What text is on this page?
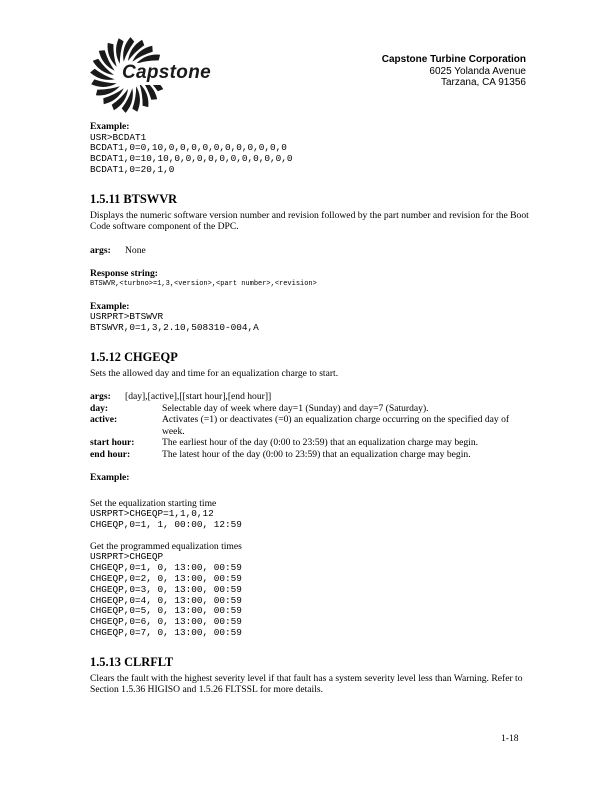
Capstone
Capstone Turbine Corporation
6025 Yolanda Avenue
Tarzana, CA 91356
Example:
USR>BCDAT1
BCDAT1,0=0,10,0,0,0,0,0,0,0,0,0,0,0
BCDAT1,0=10,10,0,0,0,0,0,0,0,0,0,0,0
BCDAT1,0=20,1,0
1.5.11 BTSWVR
Displays the numeric software version number and revision followed by the part number and revision for the Boot Code software component of the DPC.
args:	None
Response string:
BTSWVR,<turbno>=1,3,<version>,<part number>,<revision>
Example:
USRPRT>BTSWVR
BTSWVR,0=1,3,2.10,508310-004,A
1.5.12 CHGEQP
Sets the allowed day and time for an equalization charge to start.
args:	[day],[active],[[start hour],[end hour]]
day:	Selectable day of week where day=1 (Sunday) and day=7 (Saturday).
active:	Activates (=1) or deactivates (=0) an equalization charge occurring on the specified day of week.
start hour:	The earliest hour of the day (0:00 to 23:59) that an equalization charge may begin.
end hour:	The latest hour of the day (0:00 to 23:59) that an equalization charge may begin.
Example:
Set the equalization starting time
USRPRT>CHGEQP=1,1,0,12
CHGEQP,0=1, 1, 00:00, 12:59
Get the programmed equalization times
USRPRT>CHGEQP
CHGEQP,0=1, 0, 13:00, 00:59
CHGEQP,0=2, 0, 13:00, 00:59
CHGEQP,0=3, 0, 13:00, 00:59
CHGEQP,0=4, 0, 13:00, 00:59
CHGEQP,0=5, 0, 13:00, 00:59
CHGEQP,0=6, 0, 13:00, 00:59
CHGEQP,0=7, 0, 13:00, 00:59
1.5.13 CLRFLT
Clears the fault with the highest severity level if that fault has a system severity level less than Warning. Refer to Section 1.5.36 HIGISO and 1.5.26 FLTSSL for more details.
1-18
